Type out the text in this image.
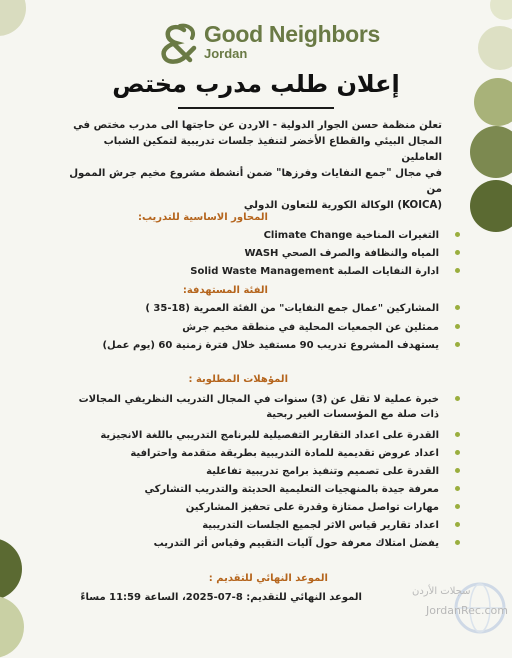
Good Neighbors
Jordan
إعلان طلب مدرب مختص

تعلن منظمة حسن الجوار الدولية - الاردن عن حاجتها الى مدرب مختص في

المجال البيئي والقطاع الأخضر لتنفيذ جلسات تدريبية لتمكين الشباب العاملين

في مجال "جمع النفايات وفرزها" ضمن أنشطة مشروع مخيم جرش الممول من

(KOICA) الوكالة الكورية للتعاون الدولي

المحاور الاساسية للتدريب:
التغيرات المناخية Climate Change
المياه والنظافة والصرف الصحي WASH
ادارة النفايات الصلبة Solid Waste Management
الفئة المستهدفة:
المشاركين "عمال جمع النفايات" من الفئة العمرية (18-35 )
ممثلين عن الجمعيات المحلية في منطقة مخيم جرش
يستهدف المشروع تدريب 90 مستفيد خلال فترة زمنية 60 (يوم عمل)
المؤهلات المطلوبة :
خبرة عملية لا تقل عن (3) سنوات في المجال التدريب النظريفي المجالات ذات صلة مع المؤسسات الغير ربحية
القدرة على اعداد التقارير التفصيلية للبرنامج التدريبي باللغة الانجيزية
اعداد عروض تقديمية للمادة التدريبية بطريقة متقدمة واحترافية
القدرة على تصميم وتنفيذ برامج تدريبية تفاعلية
معرفة جيدة بالمنهجيات التعليمية الحديثة والتدريب التشاركي
مهارات تواصل ممتازة وقدرة على تحفيز المشاركين
اعداد تقارير قياس الاثر لجميع الجلسات التدريبية
يفضل امتلاك معرفة حول آليات التقييم وقياس أثر التدريب
الموعد النهائي للتقديم :
الموعد النهائي للتقديم: 8-07-2025، الساعة 11:59 مساءً
سجلات الأردن
JordanRec.com
